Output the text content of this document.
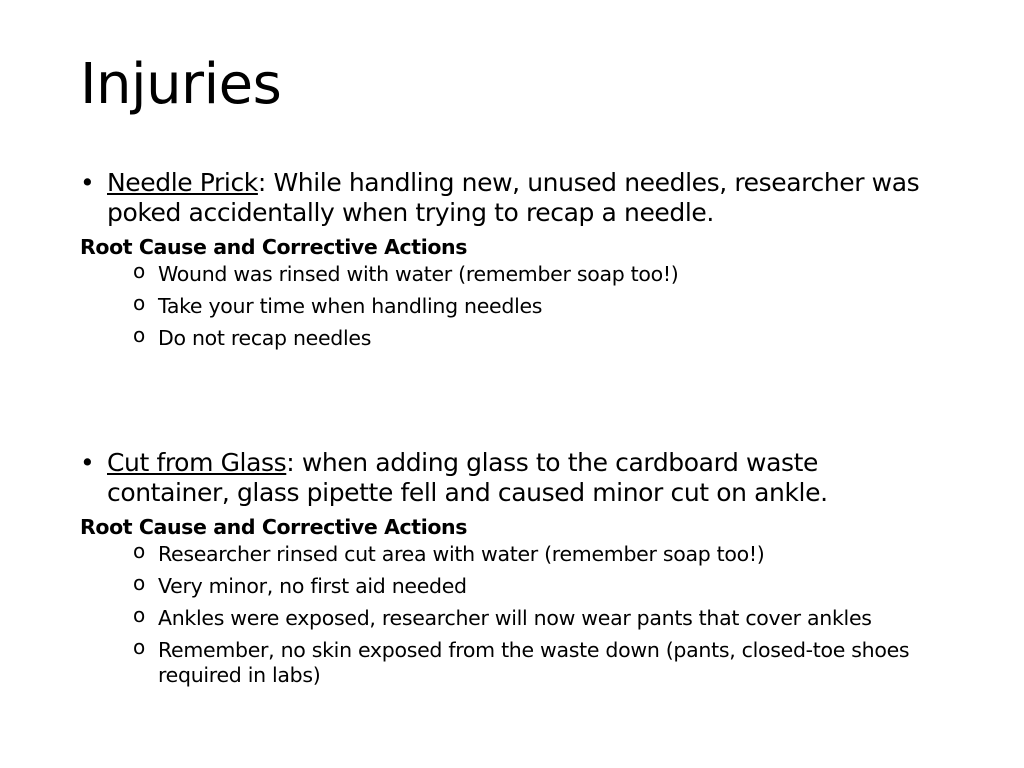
Injuries
• Needle Prick: While handling new, unused needles, researcher was poked accidentally when trying to recap a needle.
Root Cause and Corrective Actions
o Wound was rinsed with water (remember soap too!)
o Take your time when handling needles
o Do not recap needles
• Cut from Glass: when adding glass to the cardboard waste container, glass pipette fell and caused minor cut on ankle.
Root Cause and Corrective Actions
o Researcher rinsed cut area with water (remember soap too!)
o Very minor, no first aid needed
o Ankles were exposed, researcher will now wear pants that cover ankles
o Remember, no skin exposed from the waste down (pants, closed-toe shoes required in labs)
